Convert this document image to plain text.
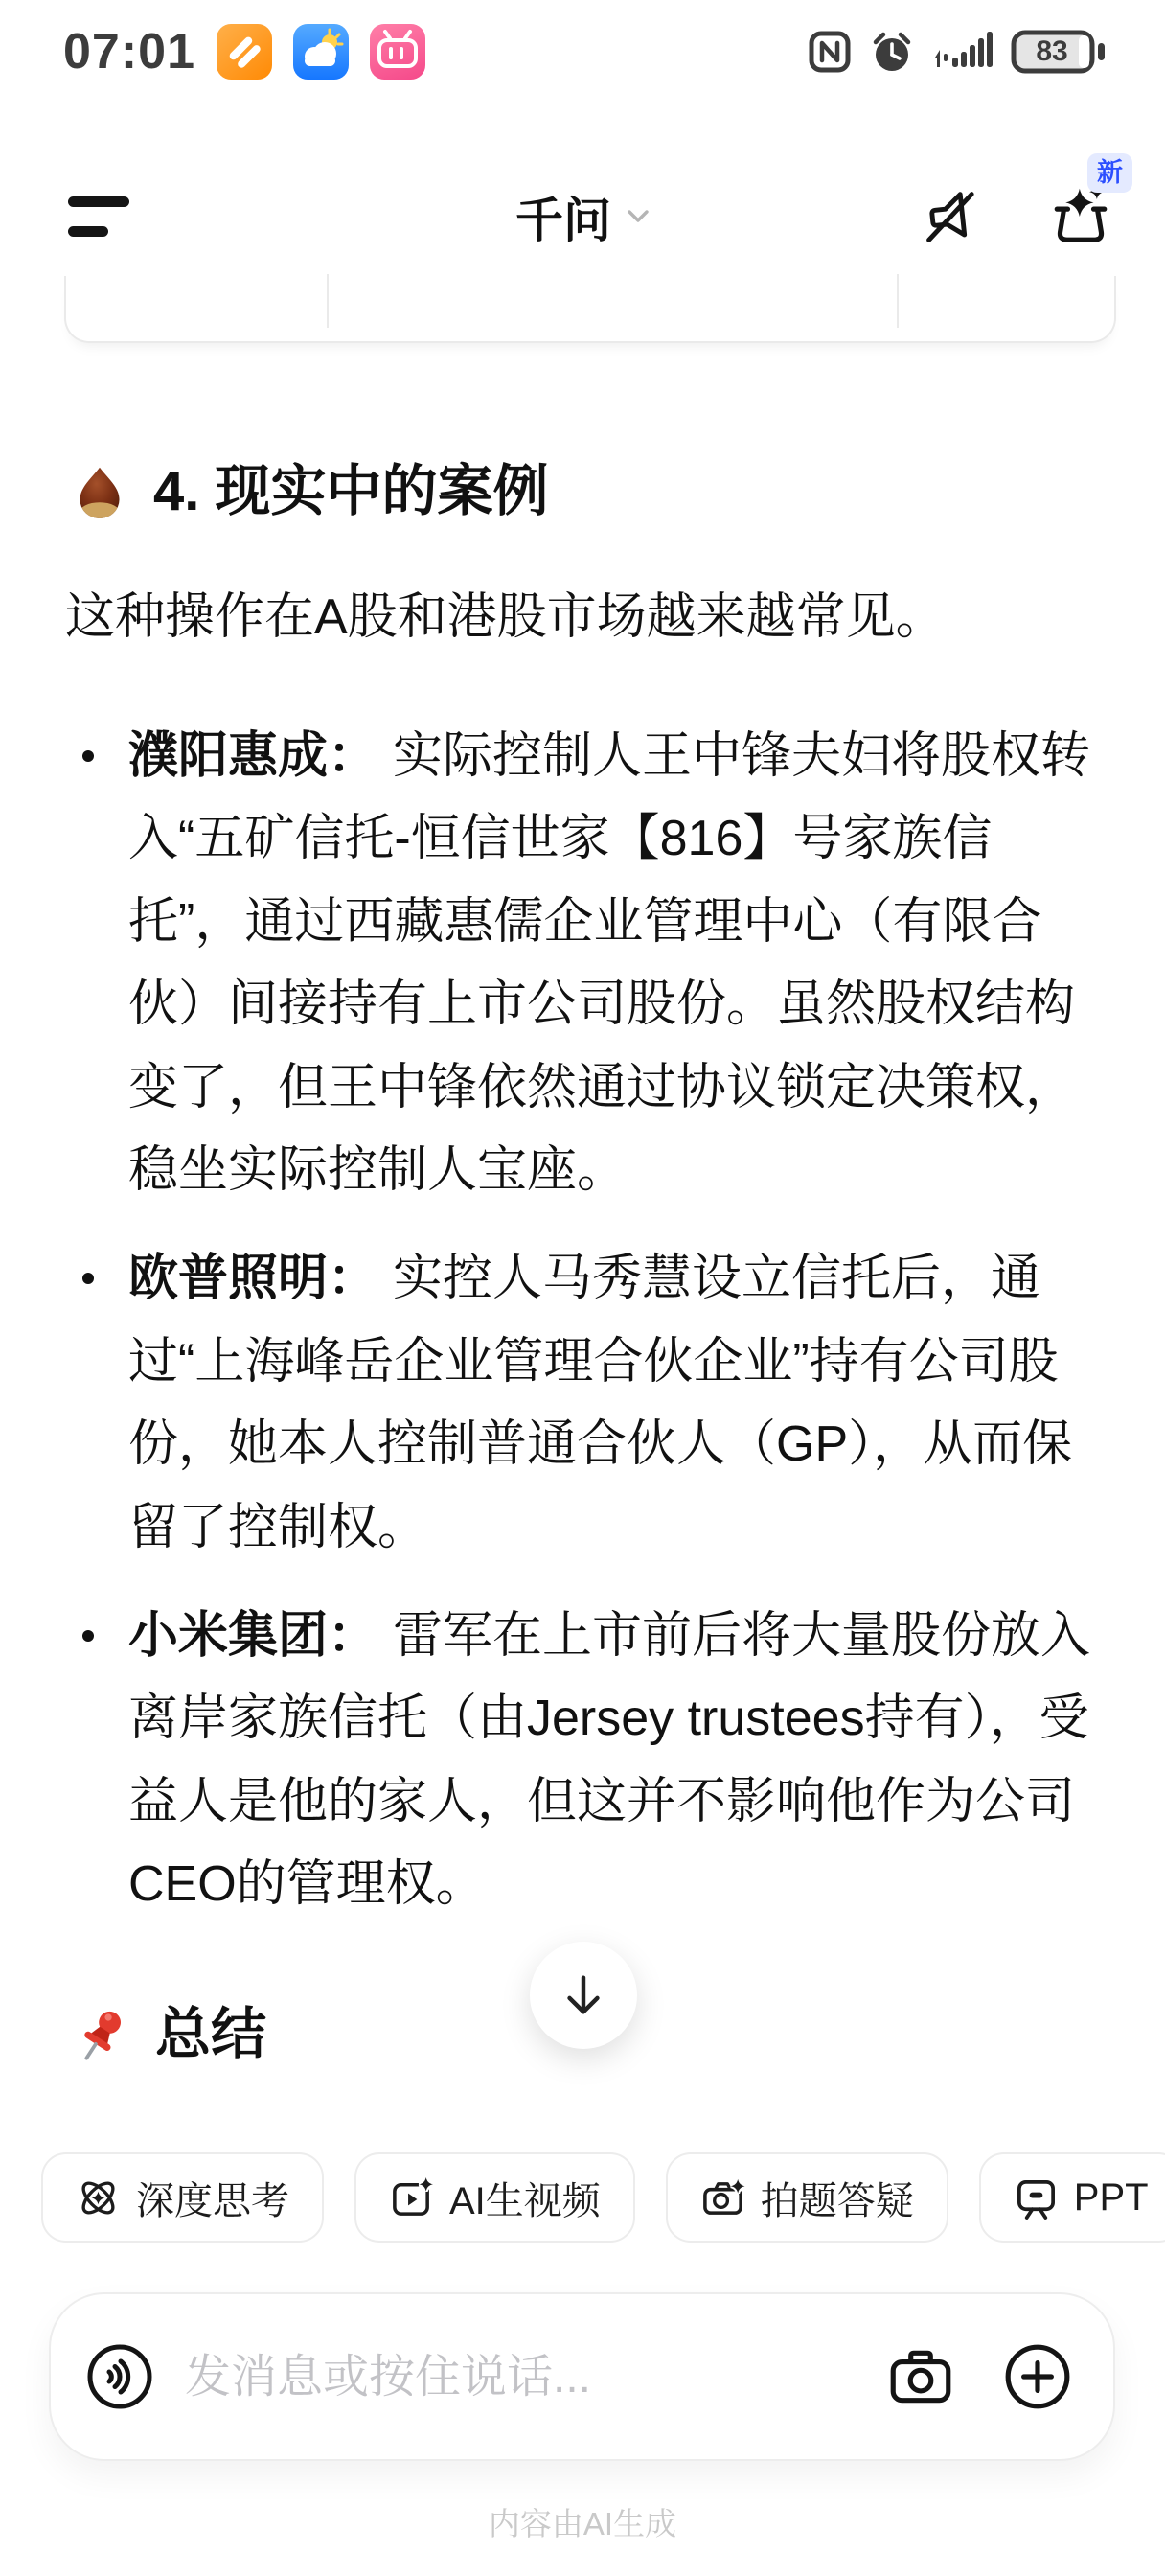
07:01	83
千问
新
4. 现实中的案例
这种操作在A股和港股市场越来越常见。
濮阳惠成： 实际控制人王中锋夫妇将股权转入“五矿信托-恒信世家【816】号家族信托”，通过西藏惠儒企业管理中心（有限合伙）间接持有上市公司股份。虽然股权结构变了，但王中锋依然通过协议锁定决策权，稳坐实际控制人宝座。
欧普照明： 实控人马秀慧设立信托后，通过“上海峰岳企业管理合伙企业”持有公司股份，她本人控制普通合伙人（GP），从而保留了控制权。
小米集团： 雷军在上市前后将大量股份放入离岸家族信托（由Jersey trustees持有），受益人是他的家人，但这并不影响他作为公司CEO的管理权。
总结
深度思考	AI生视频	拍题答疑	PPT
发消息或按住说话...
内容由AI生成
